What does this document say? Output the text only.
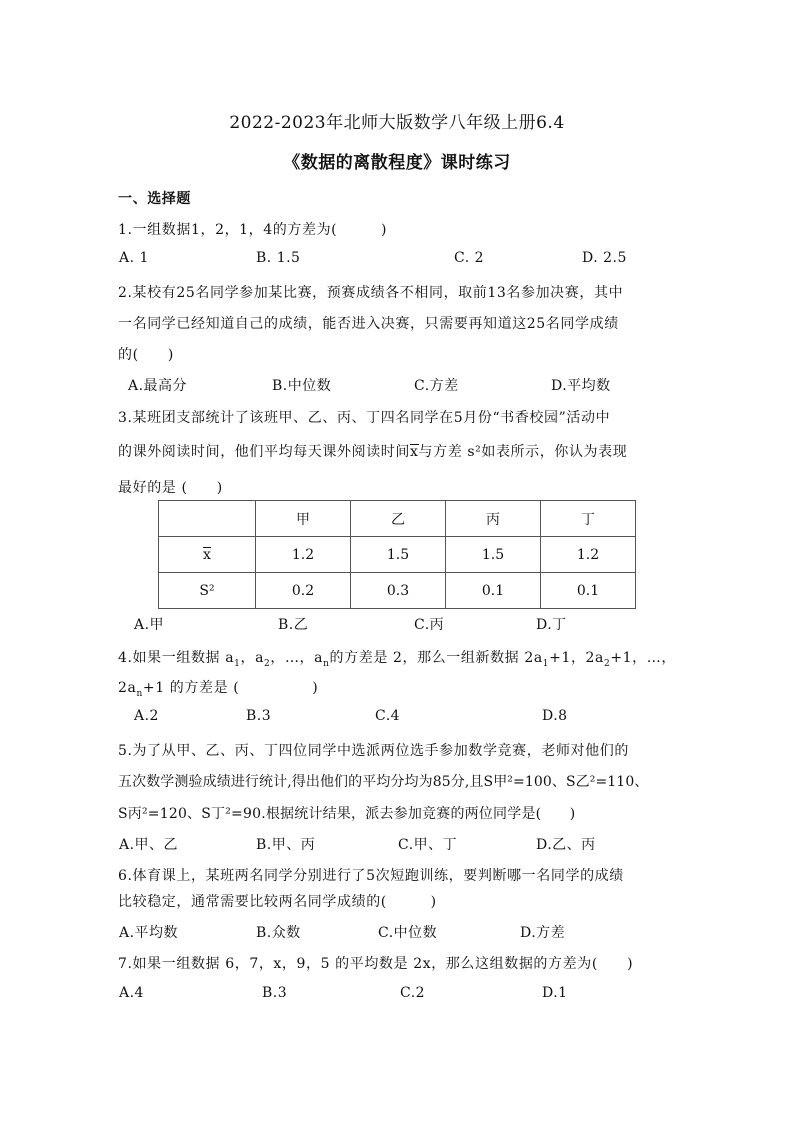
2022-2023年北师大版数学八年级上册6.4
《数据的离散程度》课时练习
一、选择题
1.一组数据1，2，1，4的方差为(　　　)
A. 1	B. 1.5	C. 2	D. 2.5
2.某校有25名同学参加某比赛，预赛成绩各不相同，取前13名参加决赛，其中
一名同学已经知道自己的成绩，能否进入决赛，只需要再知道这25名同学成绩
的(　　)
A.最高分	B.中位数	C.方差	D.平均数
3.某班团支部统计了该班甲、乙、丙、丁四名同学在5月份“书香校园”活动中
的课外阅读时间，他们平均每天课外阅读时间x与方差 s²如表所示，你认为表现
最好的是 (　　)
	甲	乙	丙	丁
x	1.2	1.5	1.5	1.2
S²	0.2	0.3	0.1	0.1
A.甲	B.乙	C.丙	D.丁
4.如果一组数据 $a_1$，$a_2$，…，$a_n$的方差是 2，那么一组新数据 $2a_1+1$，$2a_2+1$，…，
$2a_n+1$ 的方差是 (　　　　　)
A.2	B.3	C.4	D.8
5.为了从甲、乙、丙、丁四位同学中选派两位选手参加数学竞赛，老师对他们的
五次数学测验成绩进行统计,得出他们的平均分均为85分,且S甲²=100、S乙²=110、
S丙²=120、S丁²=90.根据统计结果，派去参加竞赛的两位同学是(　　)
A.甲、乙	B.甲、丙	C.甲、丁	D.乙、丙
6.体育课上，某班两名同学分别进行了5次短跑训练，要判断哪一名同学的成绩
比较稳定，通常需要比较两名同学成绩的(　　　)
A.平均数	B.众数	C.中位数	D.方差
7.如果一组数据 6，7，x，9，5 的平均数是 2x，那么这组数据的方差为(　　)
A.4	B.3	C.2	D.1
